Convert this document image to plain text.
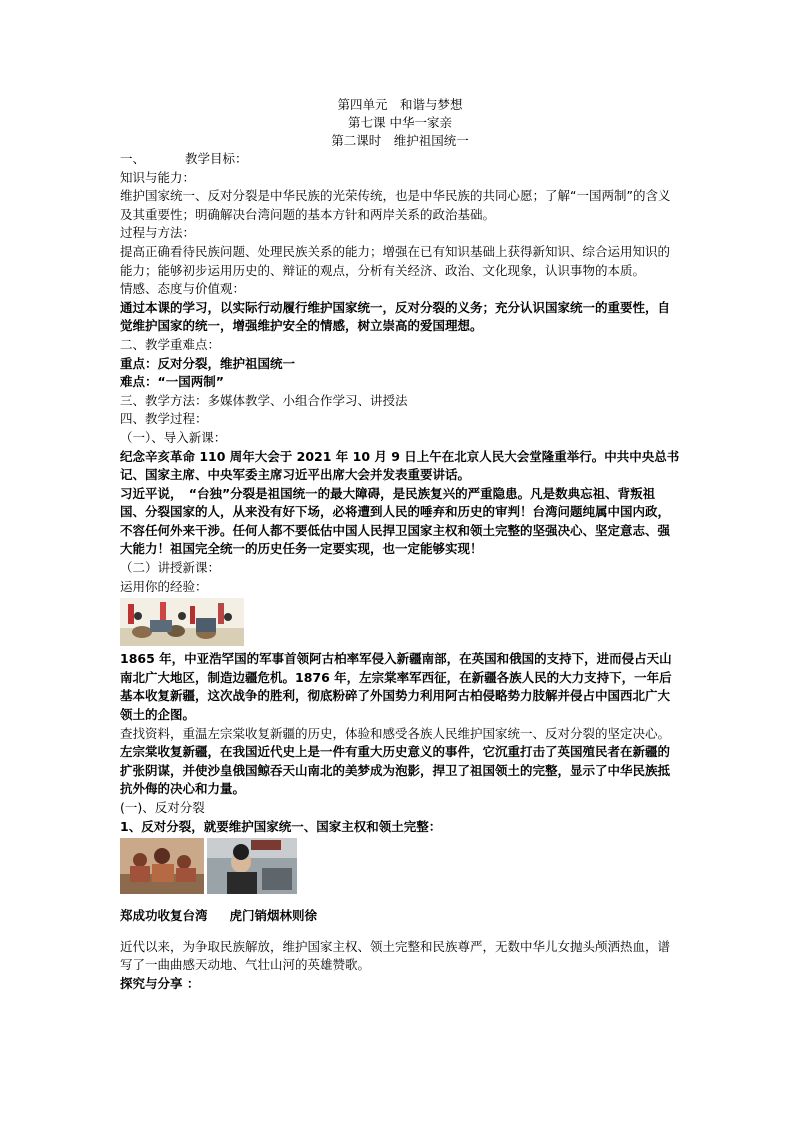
第四单元　和谐与梦想
第七课 中华一家亲
第二课时　维护祖国统一

一、	教学目标：

知识与能力：

维护国家统一、反对分裂是中华民族的光荣传统，也是中华民族的共同心愿；了解“一国两制”的含义及其重要性；明确解决台湾问题的基本方针和两岸关系的政治基础。

过程与方法：

提高正确看待民族问题、处理民族关系的能力；增强在已有知识基础上获得新知识、综合运用知识的能力；能够初步运用历史的、辩证的观点，分析有关经济、政治、文化现象，认识事物的本质。

情感、态度与价值观：

通过本课的学习，以实际行动履行维护国家统一，反对分裂的义务；充分认识国家统一的重要性，自觉维护国家的统一，增强维护安全的情感，树立崇高的爱国理想。

二、教学重难点：

重点：反对分裂，维护祖国统一

难点：“一国两制”

三、教学方法：多媒体教学、小组合作学习、讲授法

四、教学过程：

（一）、导入新课：

纪念辛亥革命 110 周年大会于 2021 年 10 月 9 日上午在北京人民大会堂隆重举行。中共中央总书记、国家主席、中央军委主席习近平出席大会并发表重要讲话。

习近平说，　“台独”分裂是祖国统一的最大障碍，是民族复兴的严重隐患。凡是数典忘祖、背叛祖国、分裂国家的人，从来没有好下场，必将遭到人民的唾弃和历史的审判！台湾问题纯属中国内政，不容任何外来干涉。任何人都不要低估中国人民捍卫国家主权和领土完整的坚强决心、坚定意志、强大能力！祖国完全统一的历史任务一定要实现，也一定能够实现！

（二）讲授新课：

运用你的经验：

1865 年，中亚浩罕国的军事首领阿古柏率军侵入新疆南部，在英国和俄国的支持下，进而侵占天山南北广大地区，制造边疆危机。1876 年，左宗棠率军西征，在新疆各族人民的大力支持下，一年后基本收复新疆，这次战争的胜利，彻底粉碎了外国势力利用阿古柏侵略势力肢解并侵占中国西北广大领土的企图。

查找资料，重温左宗棠收复新疆的历史，体验和感受各族人民维护国家统一、反对分裂的坚定决心。

左宗棠收复新疆，在我国近代史上是一件有重大历史意义的事件，它沉重打击了英国殖民者在新疆的扩张阴谋，并使沙皇俄国鲸吞天山南北的美梦成为泡影，捍卫了祖国领土的完整，显示了中华民族抵抗外侮的决心和力量。

(一)、反对分裂

1、反对分裂，就要维护国家统一、国家主权和领土完整：

郑成功收复台湾 虎门销烟林则徐

近代以来，为争取民族解放，维护国家主权、领土完整和民族尊严，无数中华儿女抛头颅洒热血，谱写了一曲曲感天动地、气壮山河的英雄赞歌。

探究与分享 ：
